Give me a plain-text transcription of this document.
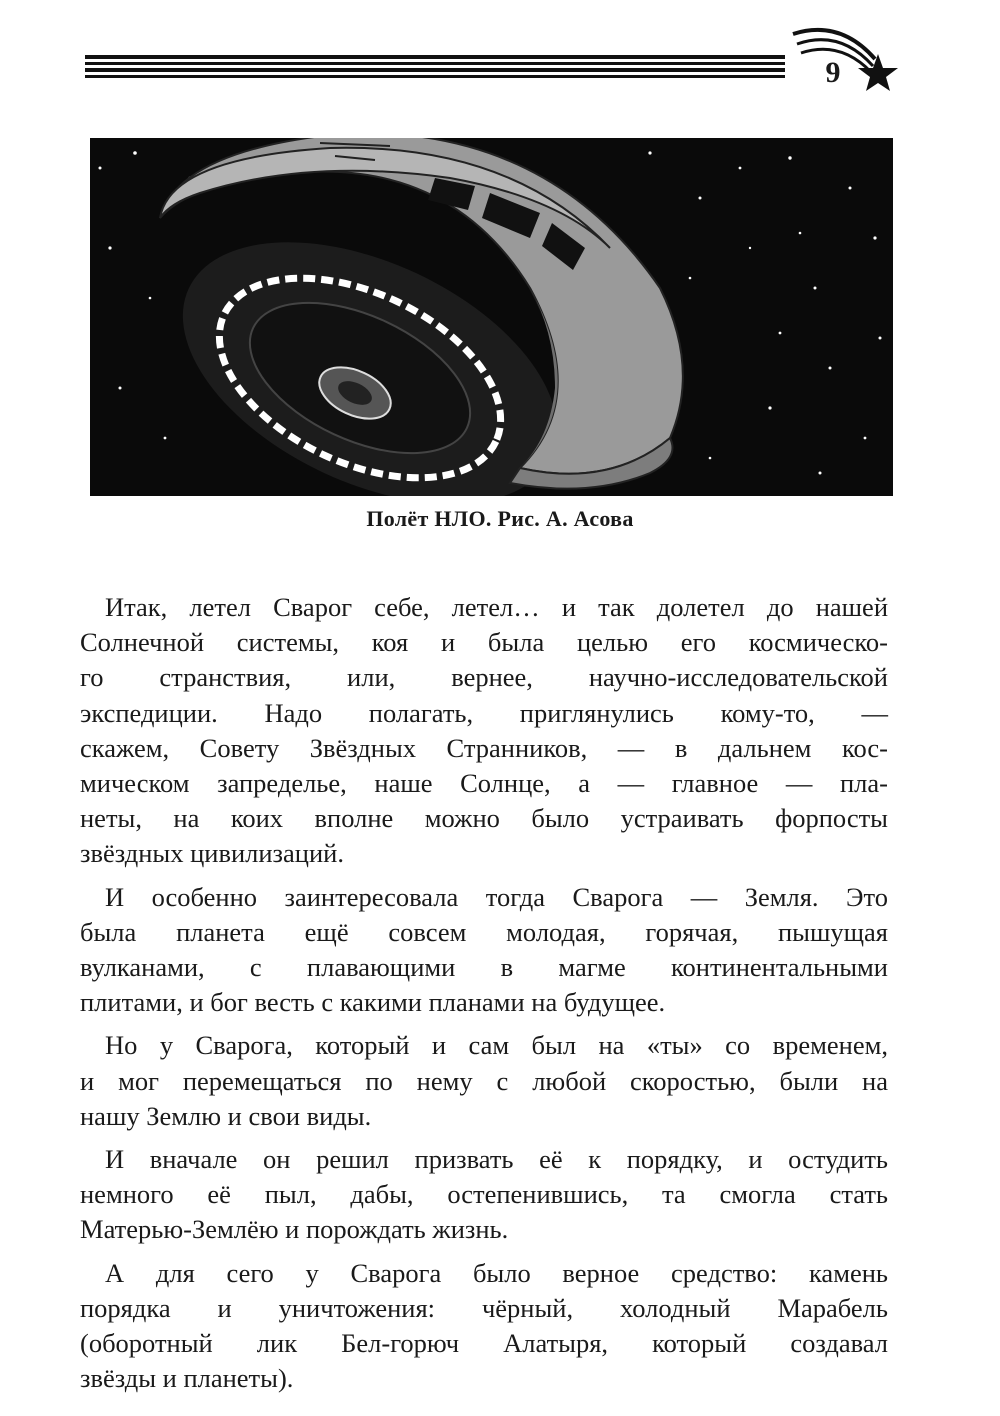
9
Полёт НЛО. Рис. А. Асова
Итак, летел Сварог себе, летел… и так долетел до нашей
Солнечной системы, коя и была целью его космическо-
го странствия, или, вернее, научно-исследовательской
экспедиции. Надо полагать, приглянулись кому-то, —
скажем, Совету Звёздных Странников, — в дальнем кос-
мическом запределье, наше Солнце, а — главное — пла-
неты, на коих вполне можно было устраивать форпосты
звёздных цивилизаций.
И особенно заинтересовала тогда Сварога — Земля. Это
была планета ещё совсем молодая, горячая, пышущая
вулканами, с плавающими в магме континентальными
плитами, и бог весть с какими планами на будущее.
Но у Сварога, который и сам был на «ты» со временем,
и мог перемещаться по нему с любой скоростью, были на
нашу Землю и свои виды.
И вначале он решил призвать её к порядку, и остудить
немного её пыл, дабы, остепенившись, та смогла стать
Матерью-Землёю и порождать жизнь.
А для сего у Сварога было верное средство: камень
порядка и уничтожения: чёрный, холодный Марабель
(оборотный лик Бел-горюч Алатыря, который создавал
звёзды и планеты).
